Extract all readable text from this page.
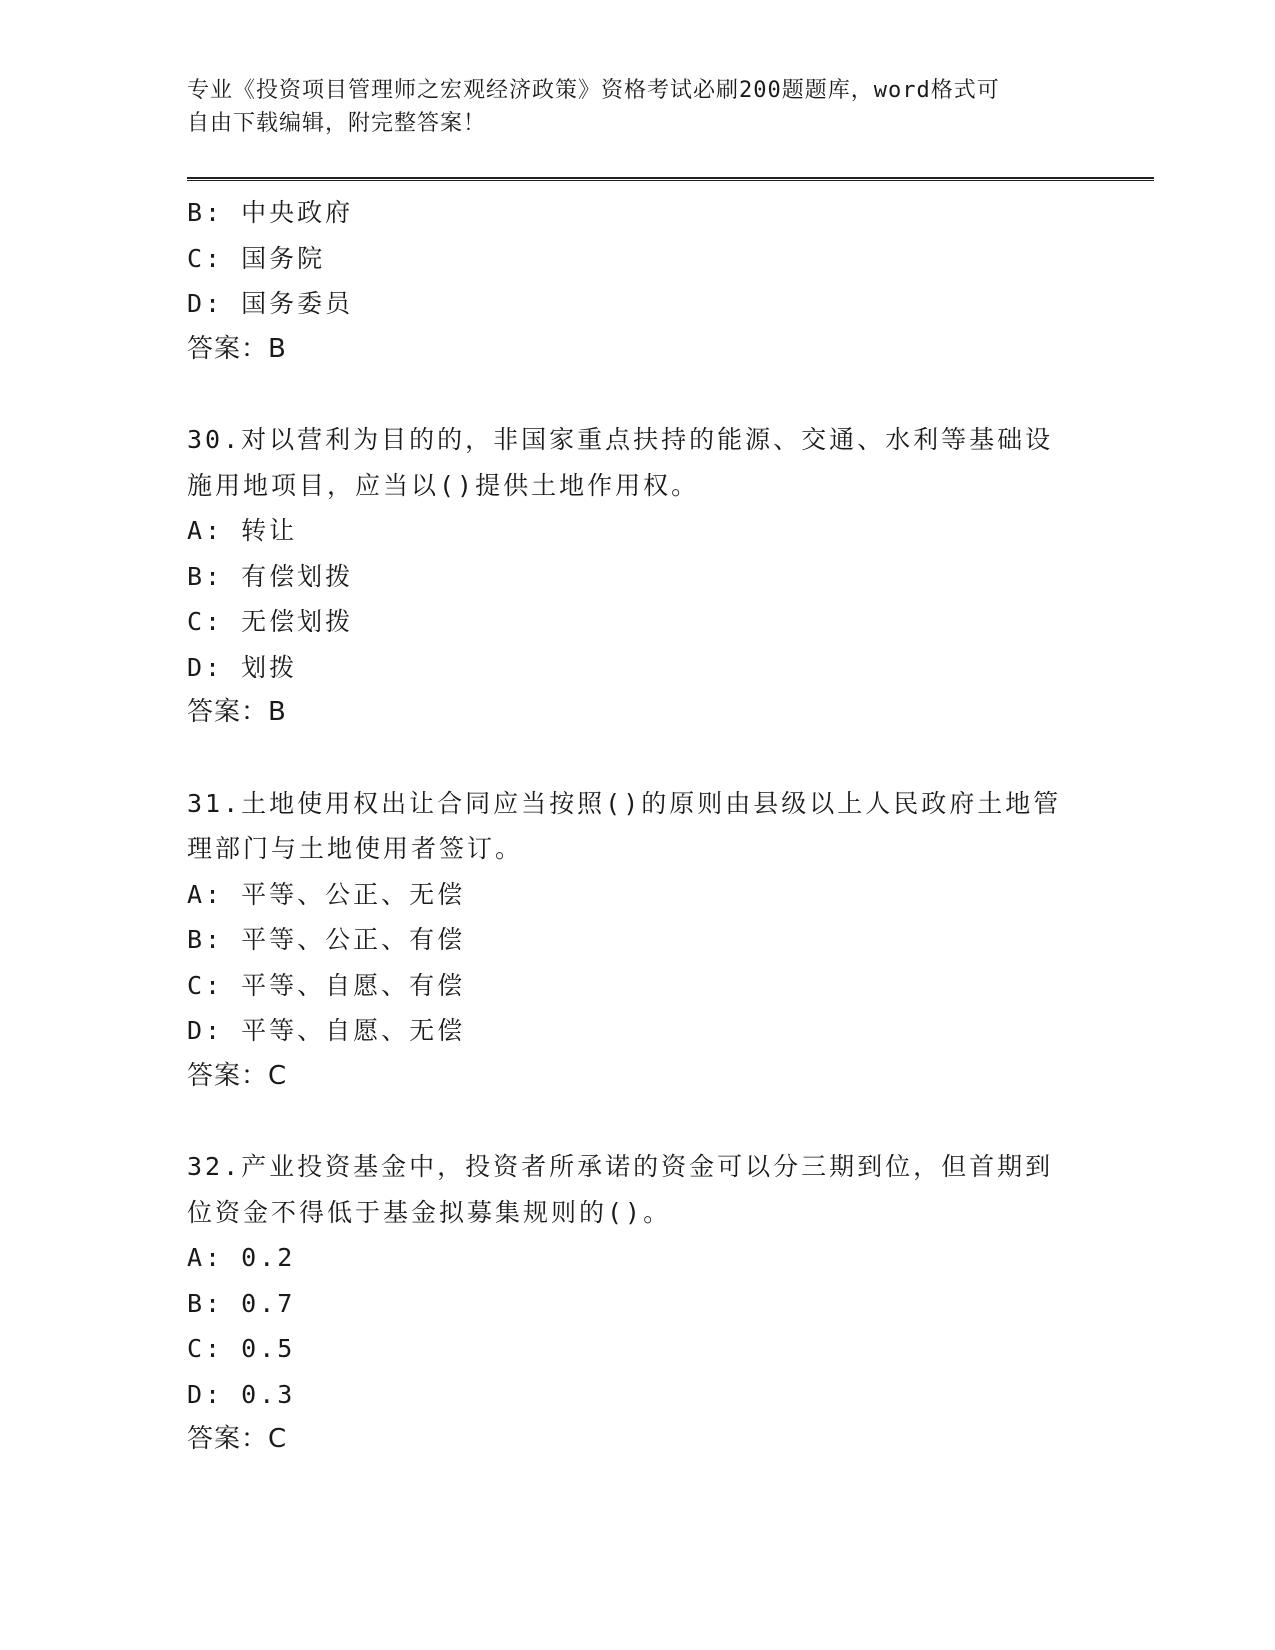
专业《投资项目管理师之宏观经济政策》资格考试必刷200题题库，word格式可
自由下载编辑，附完整答案！
B: 中央政府
C: 国务院
D: 国务委员
答案：B
30.对以营利为目的的，非国家重点扶持的能源、交通、水利等基础设
施用地项目，应当以()提供土地作用权。
A: 转让
B: 有偿划拨
C: 无偿划拨
D: 划拨
答案：B
31.土地使用权出让合同应当按照()的原则由县级以上人民政府土地管
理部门与土地使用者签订。
A: 平等、公正、无偿
B: 平等、公正、有偿
C: 平等、自愿、有偿
D: 平等、自愿、无偿
答案：C
32.产业投资基金中，投资者所承诺的资金可以分三期到位，但首期到
位资金不得低于基金拟募集规则的()。
A: 0.2
B: 0.7
C: 0.5
D: 0.3
答案：C
